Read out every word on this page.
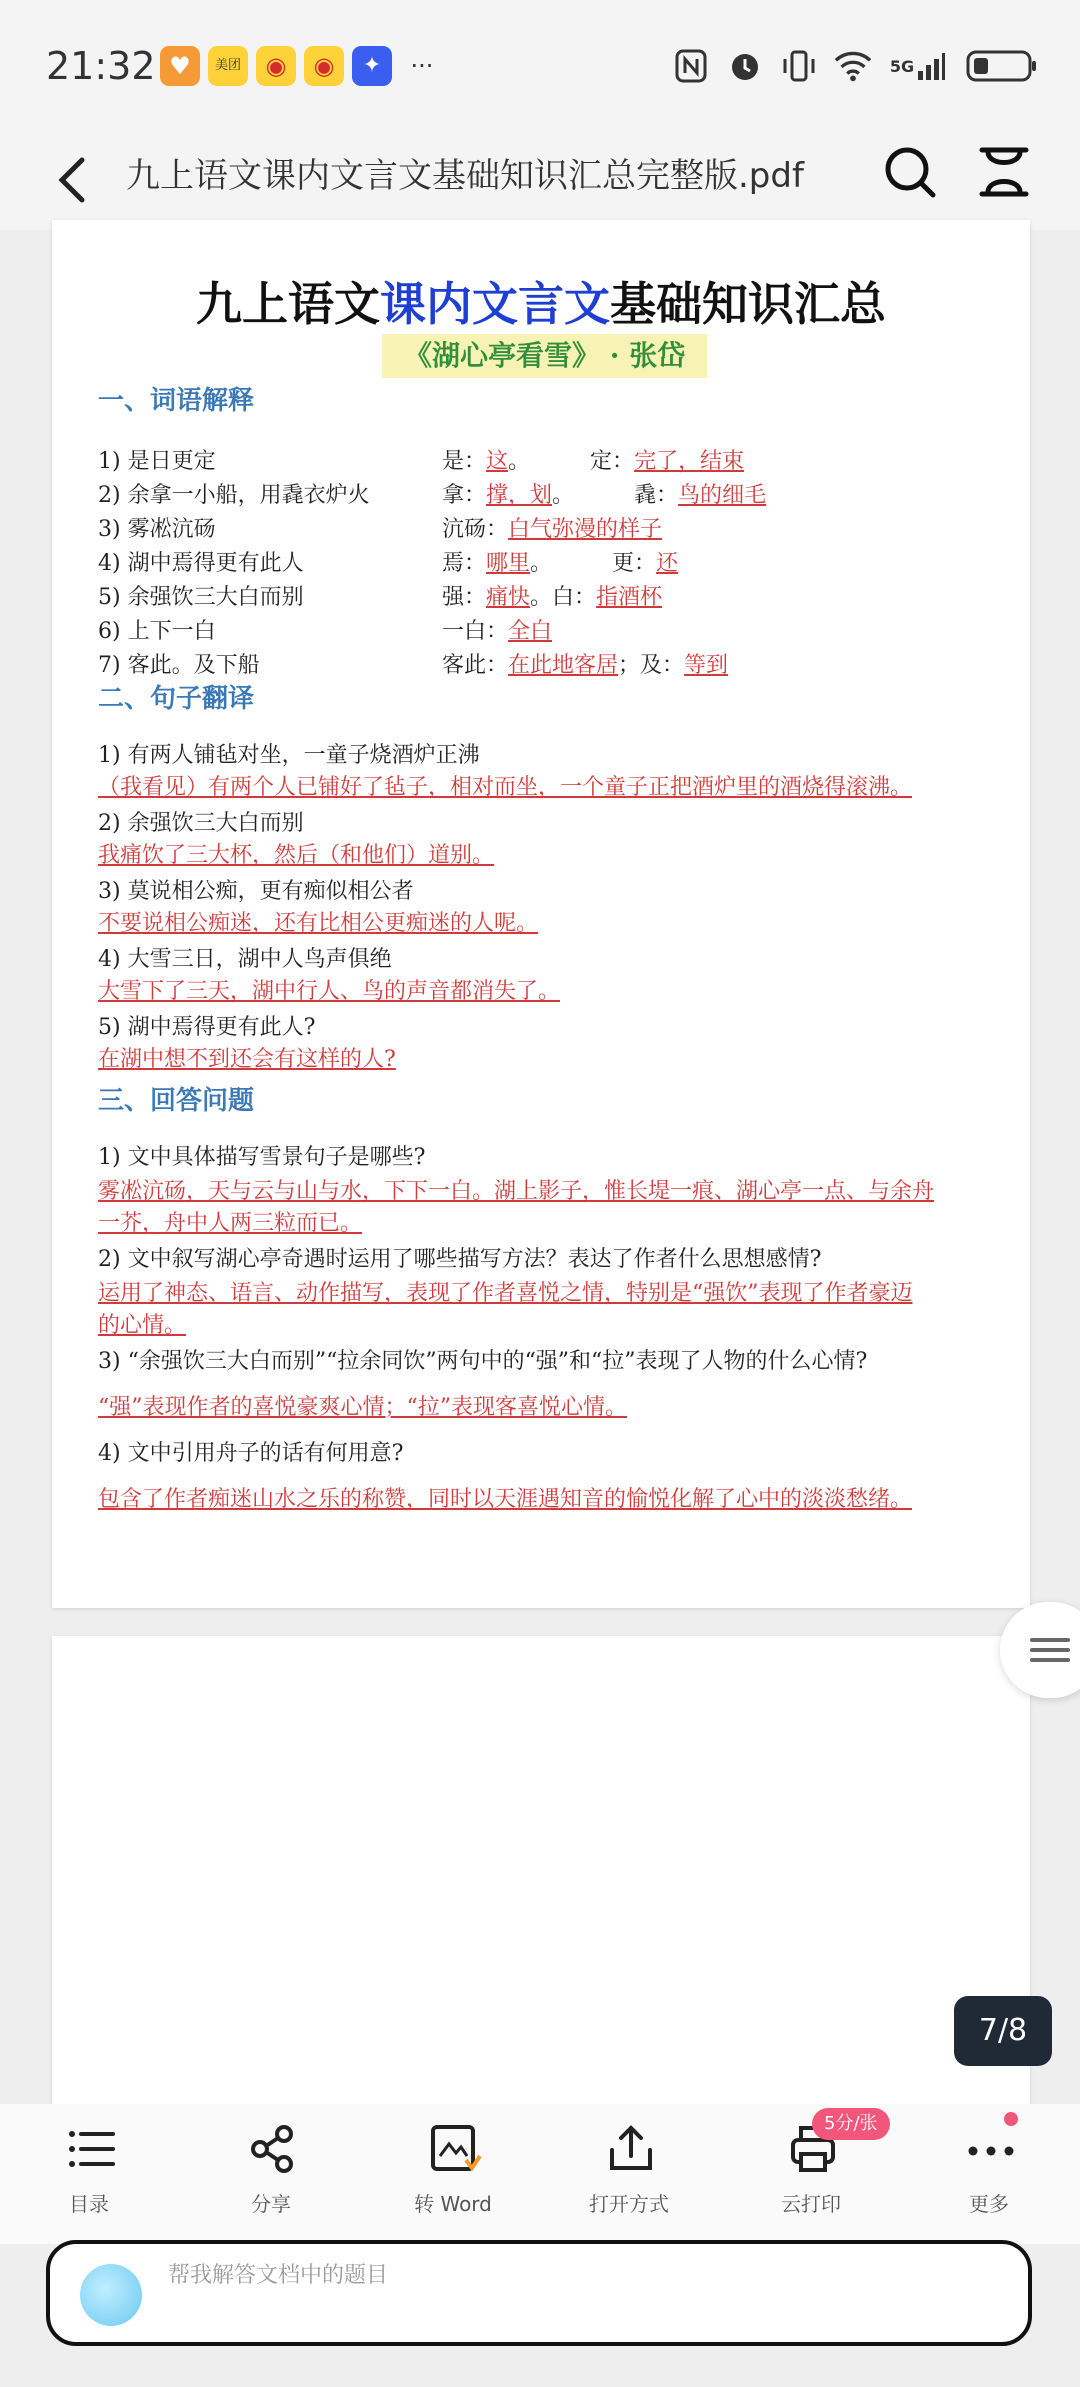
21:32 ♥	美团	◉	◉	✦	···	5G
九上语文课内文言文基础知识汇总完整版.pdf
九上语文课内文言文基础知识汇总
《湖心亭看雪》 · 张岱
一、词语解释
1) 是日更定	是：这。	定：完了，结束
2) 余拿一小船，用毳衣炉火	拿：撑，划。	毳：鸟的细毛
3) 雾凇沆砀	沆砀：白气弥漫的样子
4) 湖中焉得更有此人	焉：哪里。	更：还
5) 余强饮三大白而别	强：痛快。白：指酒杯
6) 上下一白	一白：全白
7) 客此。及下船	客此：在此地客居；及：等到
二、句子翻译
1) 有两人铺毡对坐，一童子烧酒炉正沸
（我看见）有两个人已铺好了毡子，相对而坐，一个童子正把酒炉里的酒烧得滚沸。
2) 余强饮三大白而别
我痛饮了三大杯，然后（和他们）道别。
3) 莫说相公痴，更有痴似相公者
不要说相公痴迷，还有比相公更痴迷的人呢。
4) 大雪三日，湖中人鸟声俱绝
大雪下了三天，湖中行人、鸟的声音都消失了。
5) 湖中焉得更有此人?
在湖中想不到还会有这样的人?
三、回答问题
1) 文中具体描写雪景句子是哪些?
雾凇沆砀，天与云与山与水，下下一白。湖上影子，惟长堤一痕、湖心亭一点、与余舟
一芥，舟中人两三粒而已。
2) 文中叙写湖心亭奇遇时运用了哪些描写方法？表达了作者什么思想感情?
运用了神态、语言、动作描写，表现了作者喜悦之情，特别是“强饮”表现了作者豪迈
的心情。
3) “余强饮三大白而别”“拉余同饮”两句中的“强”和“拉”表现了人物的什么心情?
“强”表现作者的喜悦豪爽心情；“拉”表现客喜悦心情。
4) 文中引用舟子的话有何用意?
包含了作者痴迷山水之乐的称赞，同时以天涯遇知音的愉悦化解了心中的淡淡愁绪。
7/8
目录	分享	转 Word	打开方式	云打印	更多
5分/张
帮我解答文档中的题目
